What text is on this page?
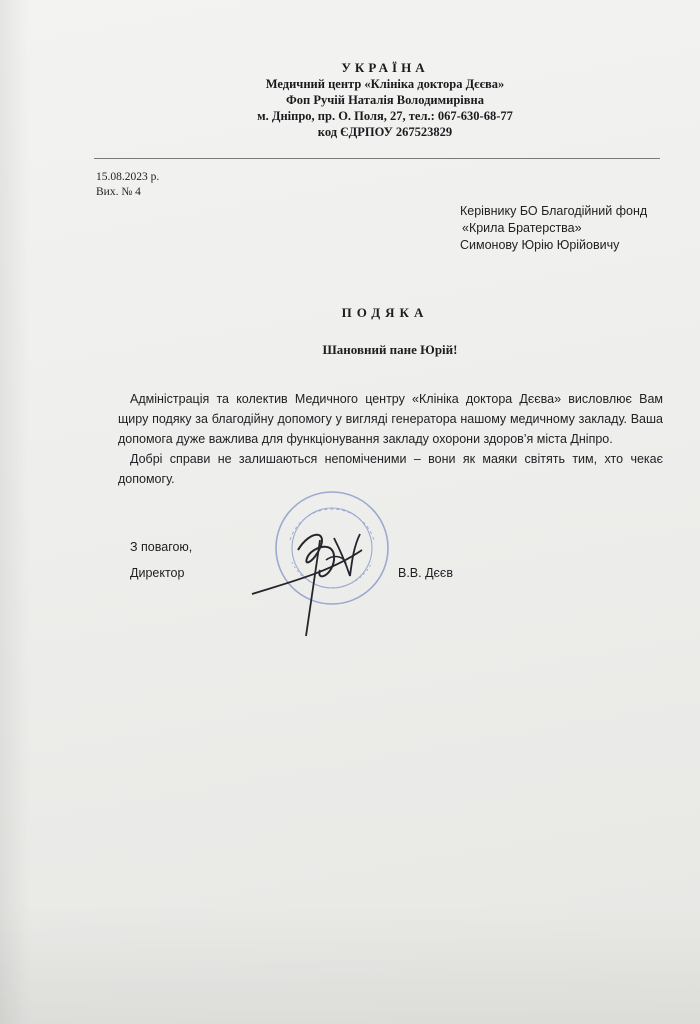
УКРАЇНА
Медичний центр «Клініка доктора Дєєва»
Фоп Ручій Наталія Володимирівна
м. Дніпро, пр. О. Поля, 27, тел.: 067-630-68-77
код ЄДРПОУ 267523829
15.08.2023 р.
Вих. № 4
Керівнику БО Благодійний фонд
«Крила Братерства»
Симонову Юрію Юрійовичу
ПОДЯКА
Шановний пане Юрій!

Адміністрація та колектив Медичного центру «Клініка доктора Дєєва» висловлює Вам щиру подяку за благодійну допомогу у вигляді генератора нашому медичному закладу. Ваша допомога дуже важлива для функціонування закладу охорони здоров’я міста Дніпро.

Добрі справи не залишаються непоміченими – вони як маяки світять тим, хто чекає допомогу.

З повагою,
Директор	В.В. Дєєв
